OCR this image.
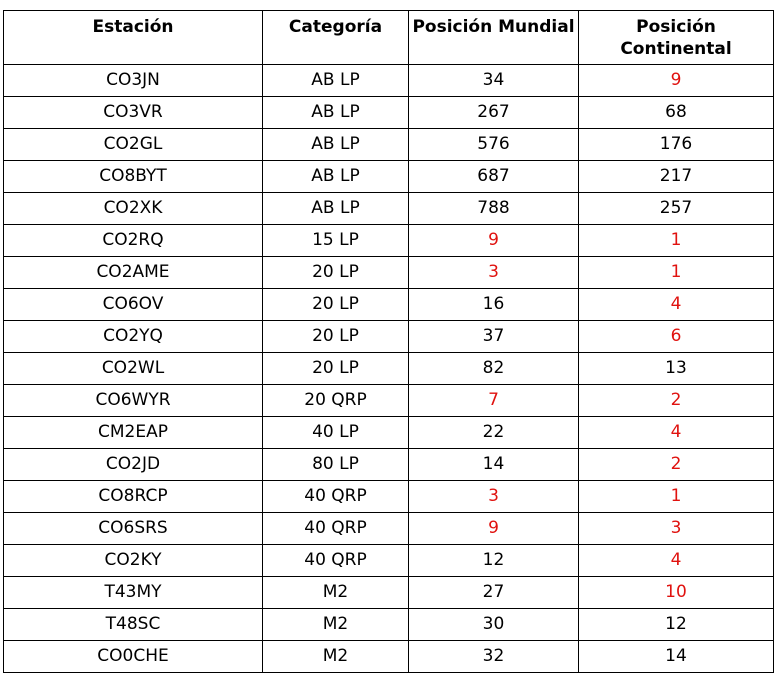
Estación	Categoría	Posición Mundial	Posición Continental
CO3JN	AB LP	34	9
CO3VR	AB LP	267	68
CO2GL	AB LP	576	176
CO8BYT	AB LP	687	217
CO2XK	AB LP	788	257
CO2RQ	15 LP	9	1
CO2AME	20 LP	3	1
CO6OV	20 LP	16	4
CO2YQ	20 LP	37	6
CO2WL	20 LP	82	13
CO6WYR	20 QRP	7	2
CM2EAP	40 LP	22	4
CO2JD	80 LP	14	2
CO8RCP	40 QRP	3	1
CO6SRS	40 QRP	9	3
CO2KY	40 QRP	12	4
T43MY	M2	27	10
T48SC	M2	30	12
CO0CHE	M2	32	14
